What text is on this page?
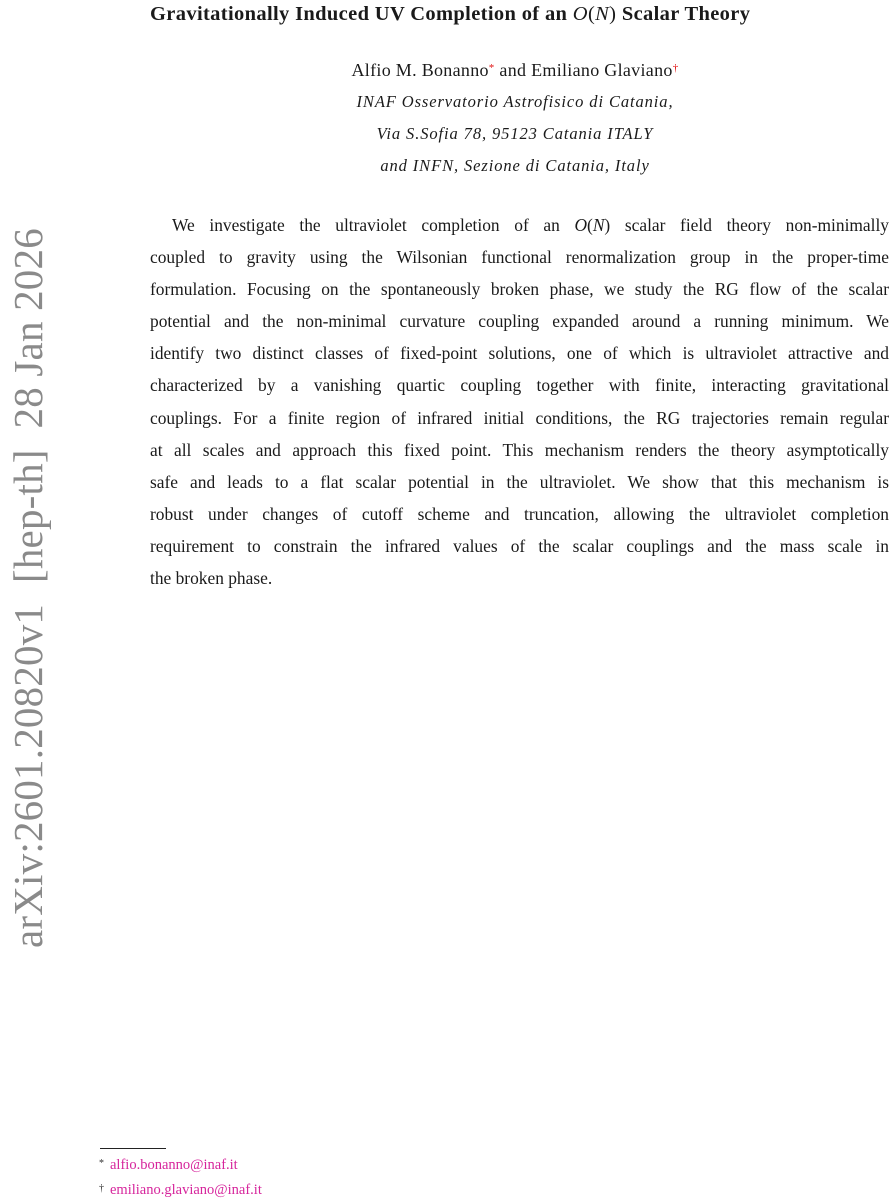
Gravitationally Induced UV Completion of an O(N) Scalar Theory
Alfio M. Bonanno* and Emiliano Glaviano†
INAF Osservatorio Astrofisico di Catania,
Via S.Sofia 78, 95123 Catania ITALY
and INFN, Sezione di Catania, Italy
We investigate the ultraviolet completion of an O(N) scalar field theory non-minimally
coupled to gravity using the Wilsonian functional renormalization group in the proper-time
formulation. Focusing on the spontaneously broken phase, we study the RG flow of the scalar
potential and the non-minimal curvature coupling expanded around a running minimum. We
identify two distinct classes of fixed-point solutions, one of which is ultraviolet attractive and
characterized by a vanishing quartic coupling together with finite, interacting gravitational
couplings. For a finite region of infrared initial conditions, the RG trajectories remain regular
at all scales and approach this fixed point. This mechanism renders the theory asymptotically
safe and leads to a flat scalar potential in the ultraviolet. We show that this mechanism is
robust under changes of cutoff scheme and truncation, allowing the ultraviolet completion
requirement to constrain the infrared values of the scalar couplings and the mass scale in
the broken phase.
arXiv:2601.20820v1  [hep-th]  28 Jan 2026
* alfio.bonanno@inaf.it
† emiliano.glaviano@inaf.it
